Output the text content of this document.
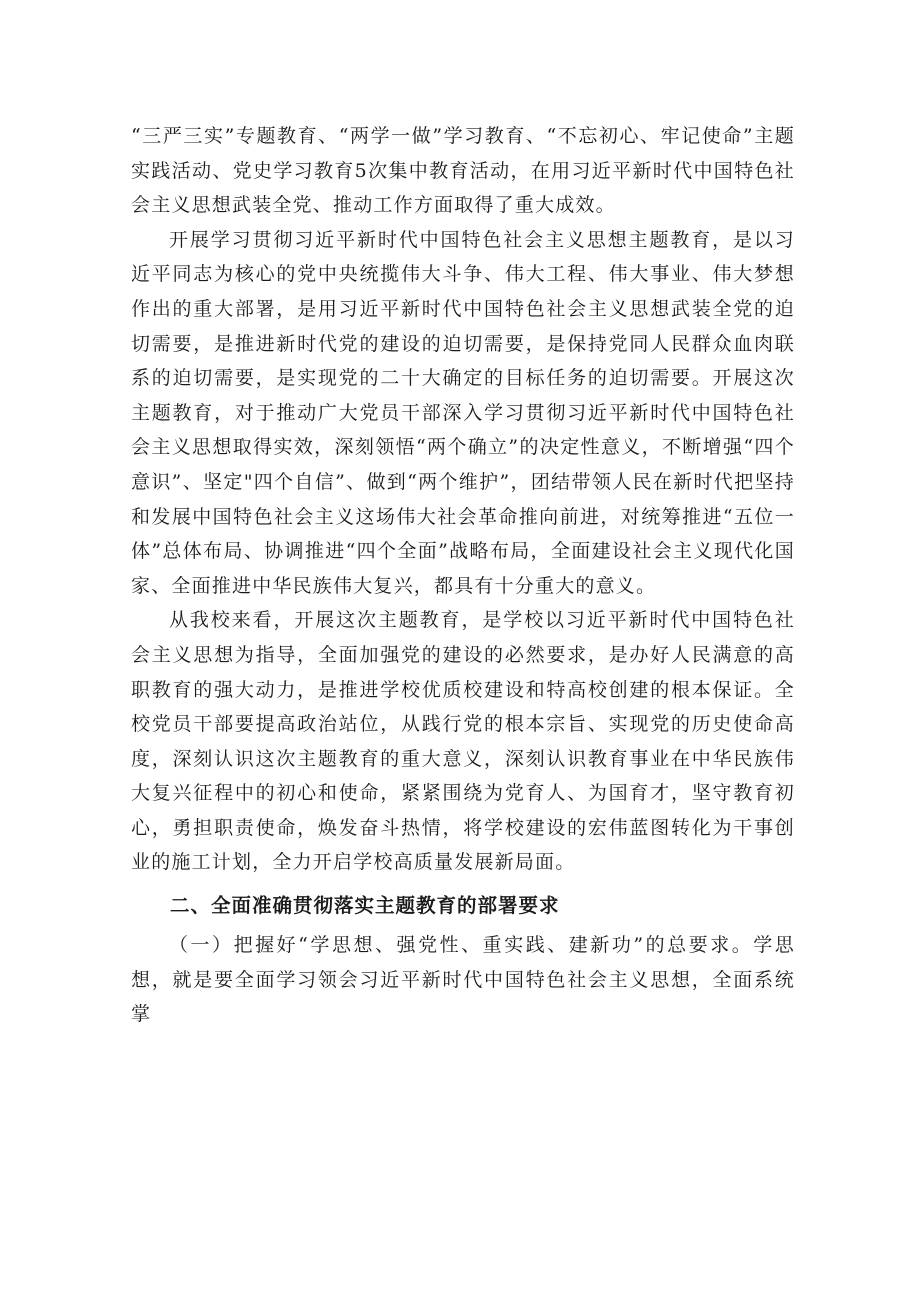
“三严三实”专题教育、“两学一做”学习教育、“不忘初心、牢记使命”主题实践活动、党史学习教育5次集中教育活动，在用习近平新时代中国特色社会主义思想武装全党、推动工作方面取得了重大成效。

开展学习贯彻习近平新时代中国特色社会主义思想主题教育，是以习近平同志为核心的党中央统揽伟大斗争、伟大工程、伟大事业、伟大梦想作出的重大部署，是用习近平新时代中国特色社会主义思想武装全党的迫切需要，是推进新时代党的建设的迫切需要，是保持党同人民群众血肉联系的迫切需要，是实现党的二十大确定的目标任务的迫切需要。开展这次主题教育，对于推动广大党员干部深入学习贯彻习近平新时代中国特色社会主义思想取得实效，深刻领悟“两个确立”的决定性意义，不断增强“四个意识”、坚定"四个自信”、做到“两个维护”，团结带领人民在新时代把坚持和发展中国特色社会主义这场伟大社会革命推向前进，对统筹推进“五位一体”总体布局、协调推进“四个全面”战略布局，全面建设社会主义现代化国家、全面推进中华民族伟大复兴，都具有十分重大的意义。

从我校来看，开展这次主题教育，是学校以习近平新时代中国特色社会主义思想为指导，全面加强党的建设的必然要求，是办好人民满意的高职教育的强大动力，是推进学校优质校建设和特高校创建的根本保证。全校党员干部要提高政治站位，从践行党的根本宗旨、实现党的历史使命高度，深刻认识这次主题教育的重大意义，深刻认识教育事业在中华民族伟大复兴征程中的初心和使命，紧紧围绕为党育人、为国育才，坚守教育初心，勇担职责使命，焕发奋斗热情，将学校建设的宏伟蓝图转化为干事创业的施工计划，全力开启学校高质量发展新局面。

二、全面准确贯彻落实主题教育的部署要求

（一）把握好“学思想、强党性、重实践、建新功”的总要求。学思想，就是要全面学习领会习近平新时代中国特色社会主义思想，全面系统掌
